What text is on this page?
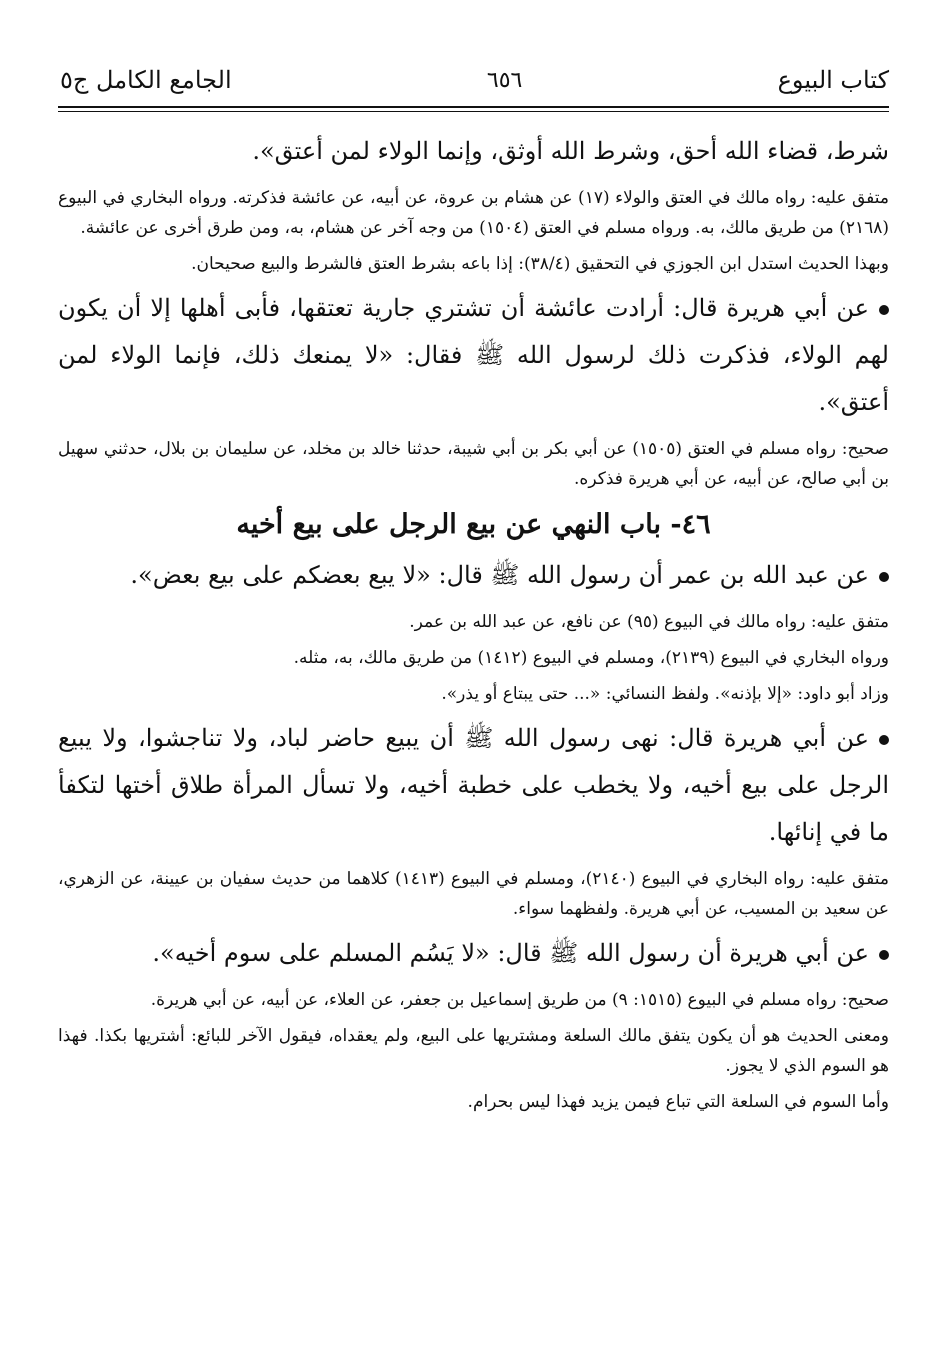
كتاب البيوع
٦٥٦
الجامع الكامل ج٥

شرط، قضاء الله أحق، وشرط الله أوثق، وإنما الولاء لمن أعتق».

متفق عليه: رواه مالك في العتق والولاء (١٧) عن هشام بن عروة، عن أبيه، عن عائشة فذكرته. ورواه البخاري في البيوع (٢١٦٨) من طريق مالك، به. ورواه مسلم في العتق (١٥٠٤) من وجه آخر عن هشام، به، ومن طرق أخرى عن عائشة.

وبهذا الحديث استدل ابن الجوزي في التحقيق (٣٨/٤): إذا باعه بشرط العتق فالشرط والبيع صحيحان.

عن أبي هريرة قال: أرادت عائشة أن تشتري جارية تعتقها، فأبى أهلها إلا أن يكون لهم الولاء، فذكرت ذلك لرسول الله ﷺ فقال: «لا يمنعك ذلك، فإنما الولاء لمن أعتق».

صحيح: رواه مسلم في العتق (١٥٠٥) عن أبي بكر بن أبي شيبة، حدثنا خالد بن مخلد، عن سليمان بن بلال، حدثني سهيل بن أبي صالح، عن أبيه، عن أبي هريرة فذكره.

٤٦- باب النهي عن بيع الرجل على بيع أخيه

عن عبد الله بن عمر أن رسول الله ﷺ قال: «لا يبع بعضكم على بيع بعض».

متفق عليه: رواه مالك في البيوع (٩٥) عن نافع، عن عبد الله بن عمر.

ورواه البخاري في البيوع (٢١٣٩)، ومسلم في البيوع (١٤١٢) من طريق مالك، به، مثله.

وزاد أبو داود: «إلا بإذنه». ولفظ النسائي: «... حتى يبتاع أو يذر».

عن أبي هريرة قال: نهى رسول الله ﷺ أن يبيع حاضر لباد، ولا تناجشوا، ولا يبيع الرجل على بيع أخيه، ولا يخطب على خطبة أخيه، ولا تسأل المرأة طلاق أختها لتكفأ ما في إنائها.

متفق عليه: رواه البخاري في البيوع (٢١٤٠)، ومسلم في البيوع (١٤١٣) كلاهما من حديث سفيان بن عيينة، عن الزهري، عن سعيد بن المسيب، عن أبي هريرة. ولفظهما سواء.

عن أبي هريرة أن رسول الله ﷺ قال: «لا يَسُم المسلم على سوم أخيه».

صحيح: رواه مسلم في البيوع (١٥١٥: ٩) من طريق إسماعيل بن جعفر، عن العلاء، عن أبيه، عن أبي هريرة.

ومعنى الحديث هو أن يكون يتفق مالك السلعة ومشتريها على البيع، ولم يعقداه، فيقول الآخر للبائع: أشتريها بكذا. فهذا هو السوم الذي لا يجوز.

وأما السوم في السلعة التي تباع فيمن يزيد فهذا ليس بحرام.
